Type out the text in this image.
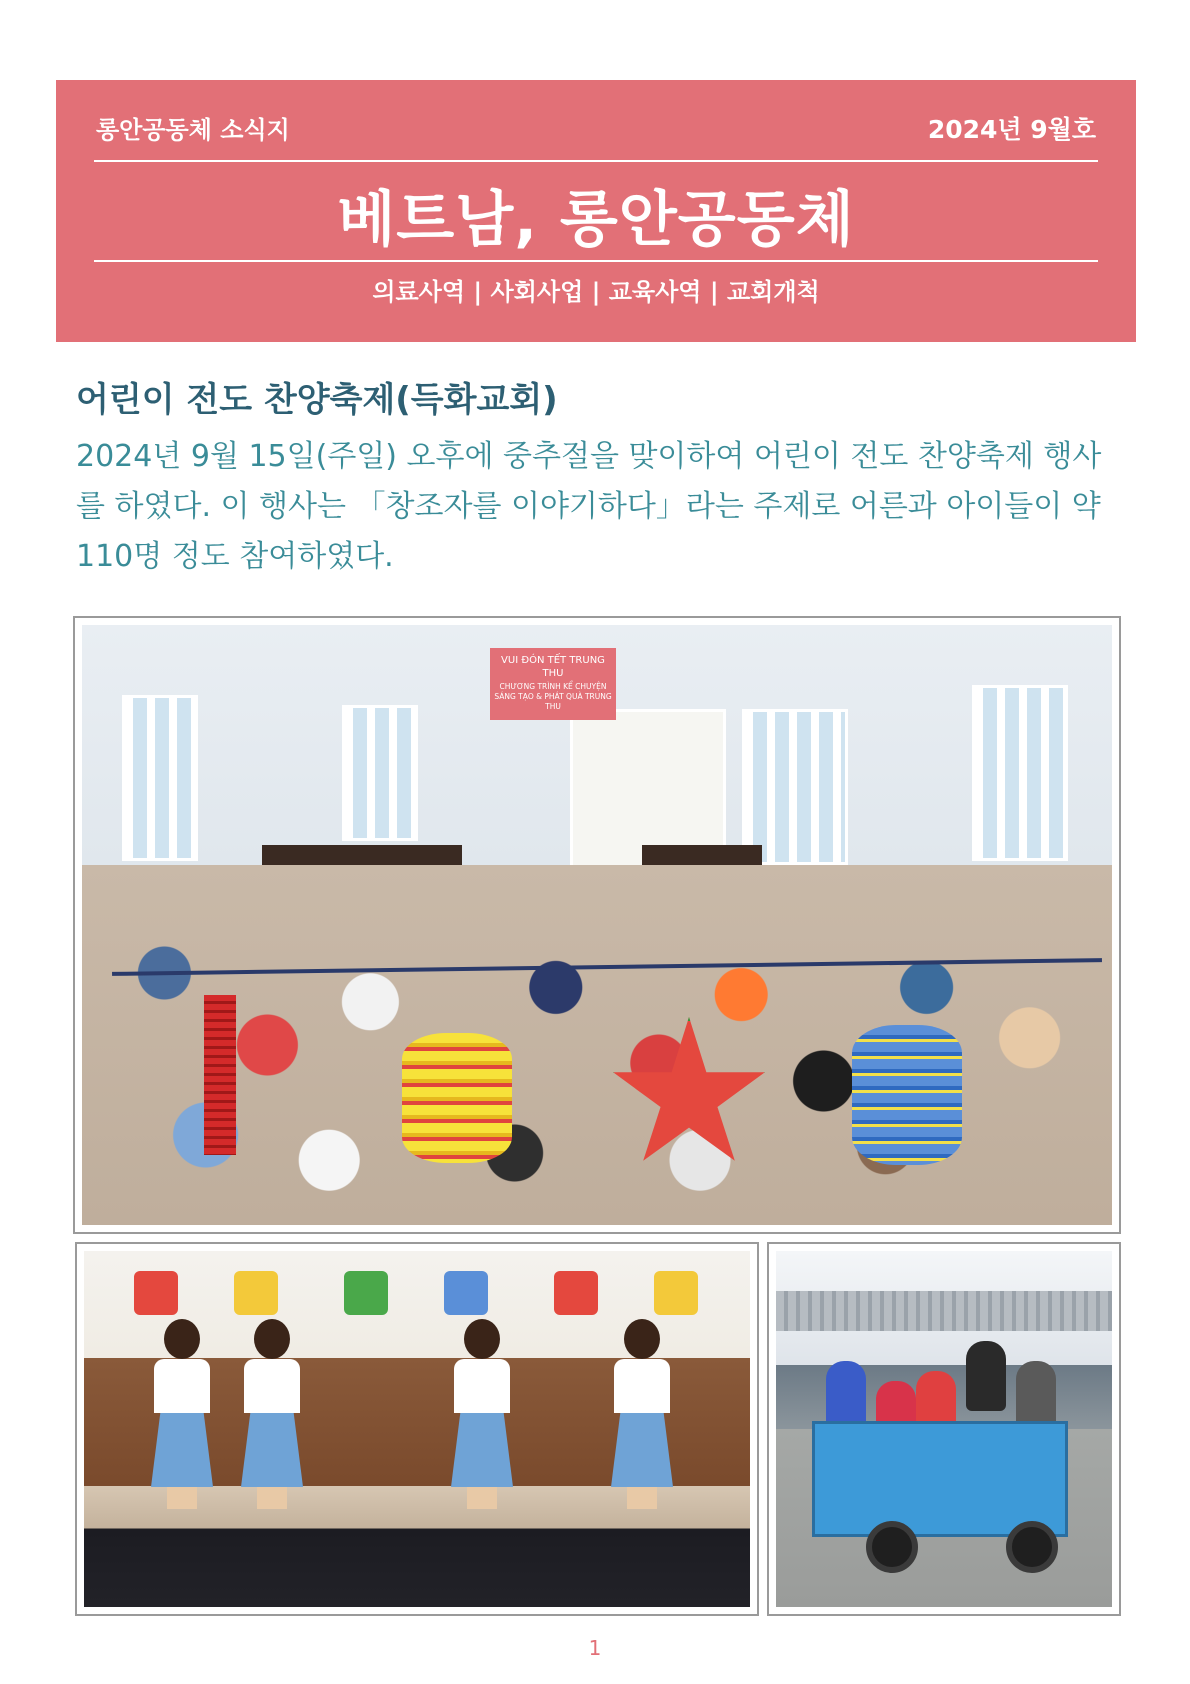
롱안공동체 소식지	2024년 9월호
베트남, 롱안공동체
의료사역 | 사회사업 | 교육사역 | 교회개척
어린이 전도 찬양축제(득화교회)
2024년 9월 15일(주일) 오후에 중추절을 맞이하여 어린이 전도 찬양축제 행사를 하였다. 이 행사는 「창조자를 이야기하다」라는 주제로 어른과 아이들이 약 110명 정도 참여하였다.
VUI ĐÓN TẾT TRUNG THU
CHƯƠNG TRÌNH KỂ CHUYỆN SÁNG TẠO & PHÁT QUÀ TRUNG THU
1
